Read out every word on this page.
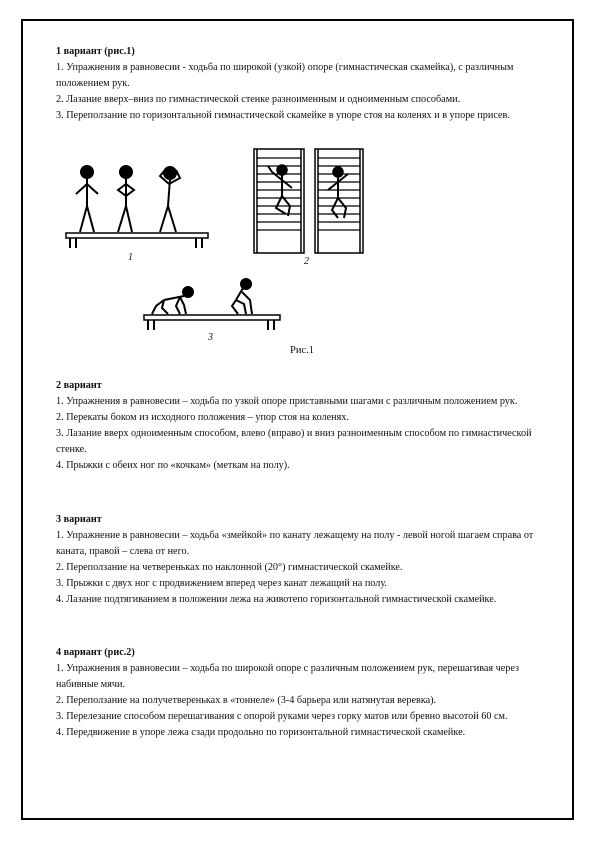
1 вариант (рис.1)

1. Упражнения в равновесии - ходьба по широкой (узкой) опоре (гимнастическая скамейка), с различным положением рук.

2. Лазание вверх–вниз по гимнастической стенке разноименным и одноименным способами.

3. Переползание по горизонтальной гимнастической скамейке в упоре стоя на коленях и в упоре присев.

1	2
3
Рис.1

2 вариант

1. Упражнения в равновесии – ходьба по узкой опоре приставными шагами с различным положением рук.

2. Перекаты боком из исходного положения – упор стоя на коленях.

3. Лазание вверх одноименным способом, влево (вправо) и вниз разноименным способом по гимнастической стенке.

4. Прыжки с обеих ног по «кочкам» (меткам на полу).

3 вариант

1. Упражнение в равновесии – ходьба «змейкой» по канату лежащему на полу - левой ногой шагаем справа от каната, правой – слева от него.

2. Переползание на четвереньках по наклонной (20°) гимнастической скамейке.

3. Прыжки с двух ног с продвижением вперед через канат лежащий на полу.

4. Лазание подтягиванием в положении лежа на животепо горизонтальной гимнастической скамейке.

4 вариант (рис.2)

1. Упражнения в равновесии – ходьба по широкой опоре с различным положением рук, перешагивая через набивные мячи.

2. Переползание на получетвереньках в «тоннеле» (3-4 барьера или натянутая веревка).

3. Перелезание способом перешагивания с опорой руками через горку матов или бревно высотой 60 см.

4. Передвижение в упоре лежа сзади продольно по горизонтальной гимнастической скамейке.
